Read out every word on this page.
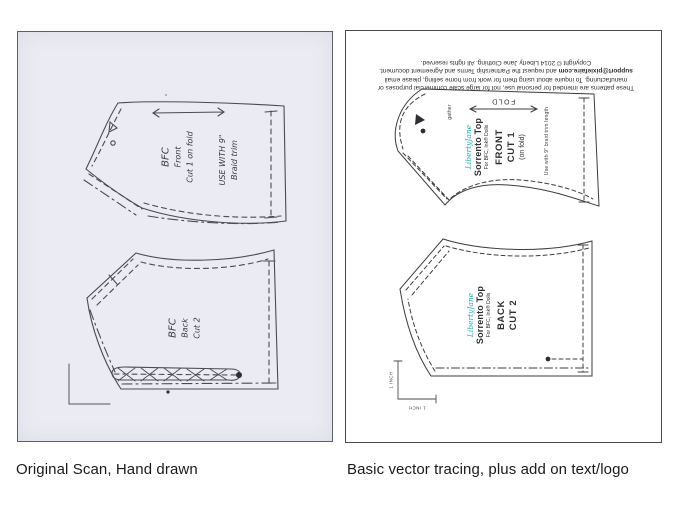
BFC Front Cut 1 on fold	USE WITH 9" Braid trim
BFC Back Cut 2
These patterns are intended for personal use, not for large scale commercial purposes or
manufacturing. To inquire about using them for work from home selling, please email
support@pixiefaire.com and request the Partnership Terms and Agreement document.
Copyright © 2014 Liberty Jane Clothing. All rights reserved.
FOLD
gather	Use with 9" braid trim length
LibertyJane Sorrento Top For BFC, Ink® Dolls FRONT CUT 1 (on fold)
LibertyJane Sorrento Top For BFC, Ink® Dolls BACK CUT 2
1 INCH
1 INCH
Original Scan, Hand drawn	Basic vector tracing, plus add on text/logo
